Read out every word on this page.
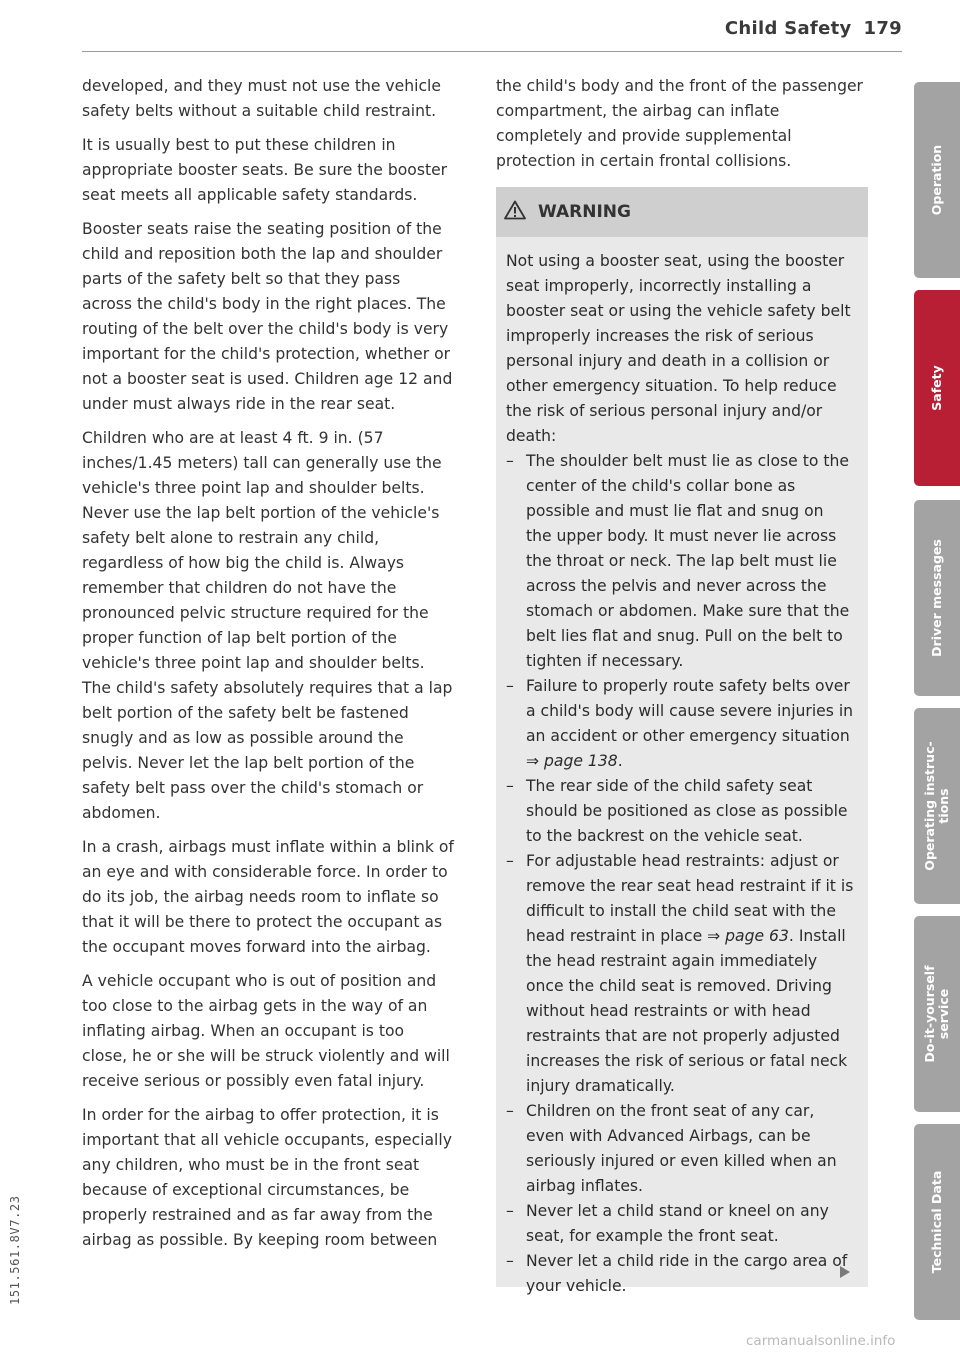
Child Safety 179

developed, and they must not use the vehicle safety belts without a suitable child restraint.

It is usually best to put these children in appropriate booster seats. Be sure the booster seat meets all applicable safety standards.

Booster seats raise the seating position of the child and reposition both the lap and shoulder parts of the safety belt so that they pass across the child's body in the right places. The routing of the belt over the child's body is very important for the child's protection, whether or not a booster seat is used. Children age 12 and under must always ride in the rear seat.

Children who are at least 4 ft. 9 in. (57 inches/1.45 meters) tall can generally use the vehicle's three point lap and shoulder belts. Never use the lap belt portion of the vehicle's safety belt alone to restrain any child, regardless of how big the child is. Always remember that children do not have the pronounced pelvic structure required for the proper function of lap belt portion of the vehicle's three point lap and shoulder belts. The child's safety absolutely requires that a lap belt portion of the safety belt be fastened snugly and as low as possible around the pelvis. Never let the lap belt portion of the safety belt pass over the child's stomach or abdomen.

In a crash, airbags must inflate within a blink of an eye and with considerable force. In order to do its job, the airbag needs room to inflate so that it will be there to protect the occupant as the occupant moves forward into the airbag.

A vehicle occupant who is out of position and too close to the airbag gets in the way of an inflating airbag. When an occupant is too close, he or she will be struck violently and will receive serious or possibly even fatal injury.

In order for the airbag to offer protection, it is important that all vehicle occupants, especially any children, who must be in the front seat because of exceptional circumstances, be properly restrained and as far away from the airbag as possible. By keeping room between

the child's body and the front of the passenger compartment, the airbag can inflate completely and provide supplemental protection in certain frontal collisions.

WARNING

Not using a booster seat, using the booster seat improperly, incorrectly installing a booster seat or using the vehicle safety belt improperly increases the risk of serious personal injury and death in a collision or other emergency situation. To help reduce the risk of serious personal injury and/or death:

– The shoulder belt must lie as close to the center of the child's collar bone as possible and must lie flat and snug on the upper body. It must never lie across the throat or neck. The lap belt must lie across the pelvis and never across the stomach or abdomen. Make sure that the belt lies flat and snug. Pull on the belt to tighten if necessary.
– Failure to properly route safety belts over a child's body will cause severe injuries in an accident or other emergency situation ⇒ page 138.
– The rear side of the child safety seat should be positioned as close as possible to the backrest on the vehicle seat.
– For adjustable head restraints: adjust or remove the rear seat head restraint if it is difficult to install the child seat with the head restraint in place ⇒ page 63. Install the head restraint again immediately once the child seat is removed. Driving without head restraints or with head restraints that are not properly adjusted increases the risk of serious or fatal neck injury dramatically.
– Children on the front seat of any car, even with Advanced Airbags, can be seriously injured or even killed when an airbag inflates.
– Never let a child stand or kneel on any seat, for example the front seat.
– Never let a child ride in the cargo area of your vehicle.
Operation
Safety
Driver messages
Operating instruc-
tions
Do-it-yourself
service
Technical Data
151.561.8V7.23
carmanualsonline.info
